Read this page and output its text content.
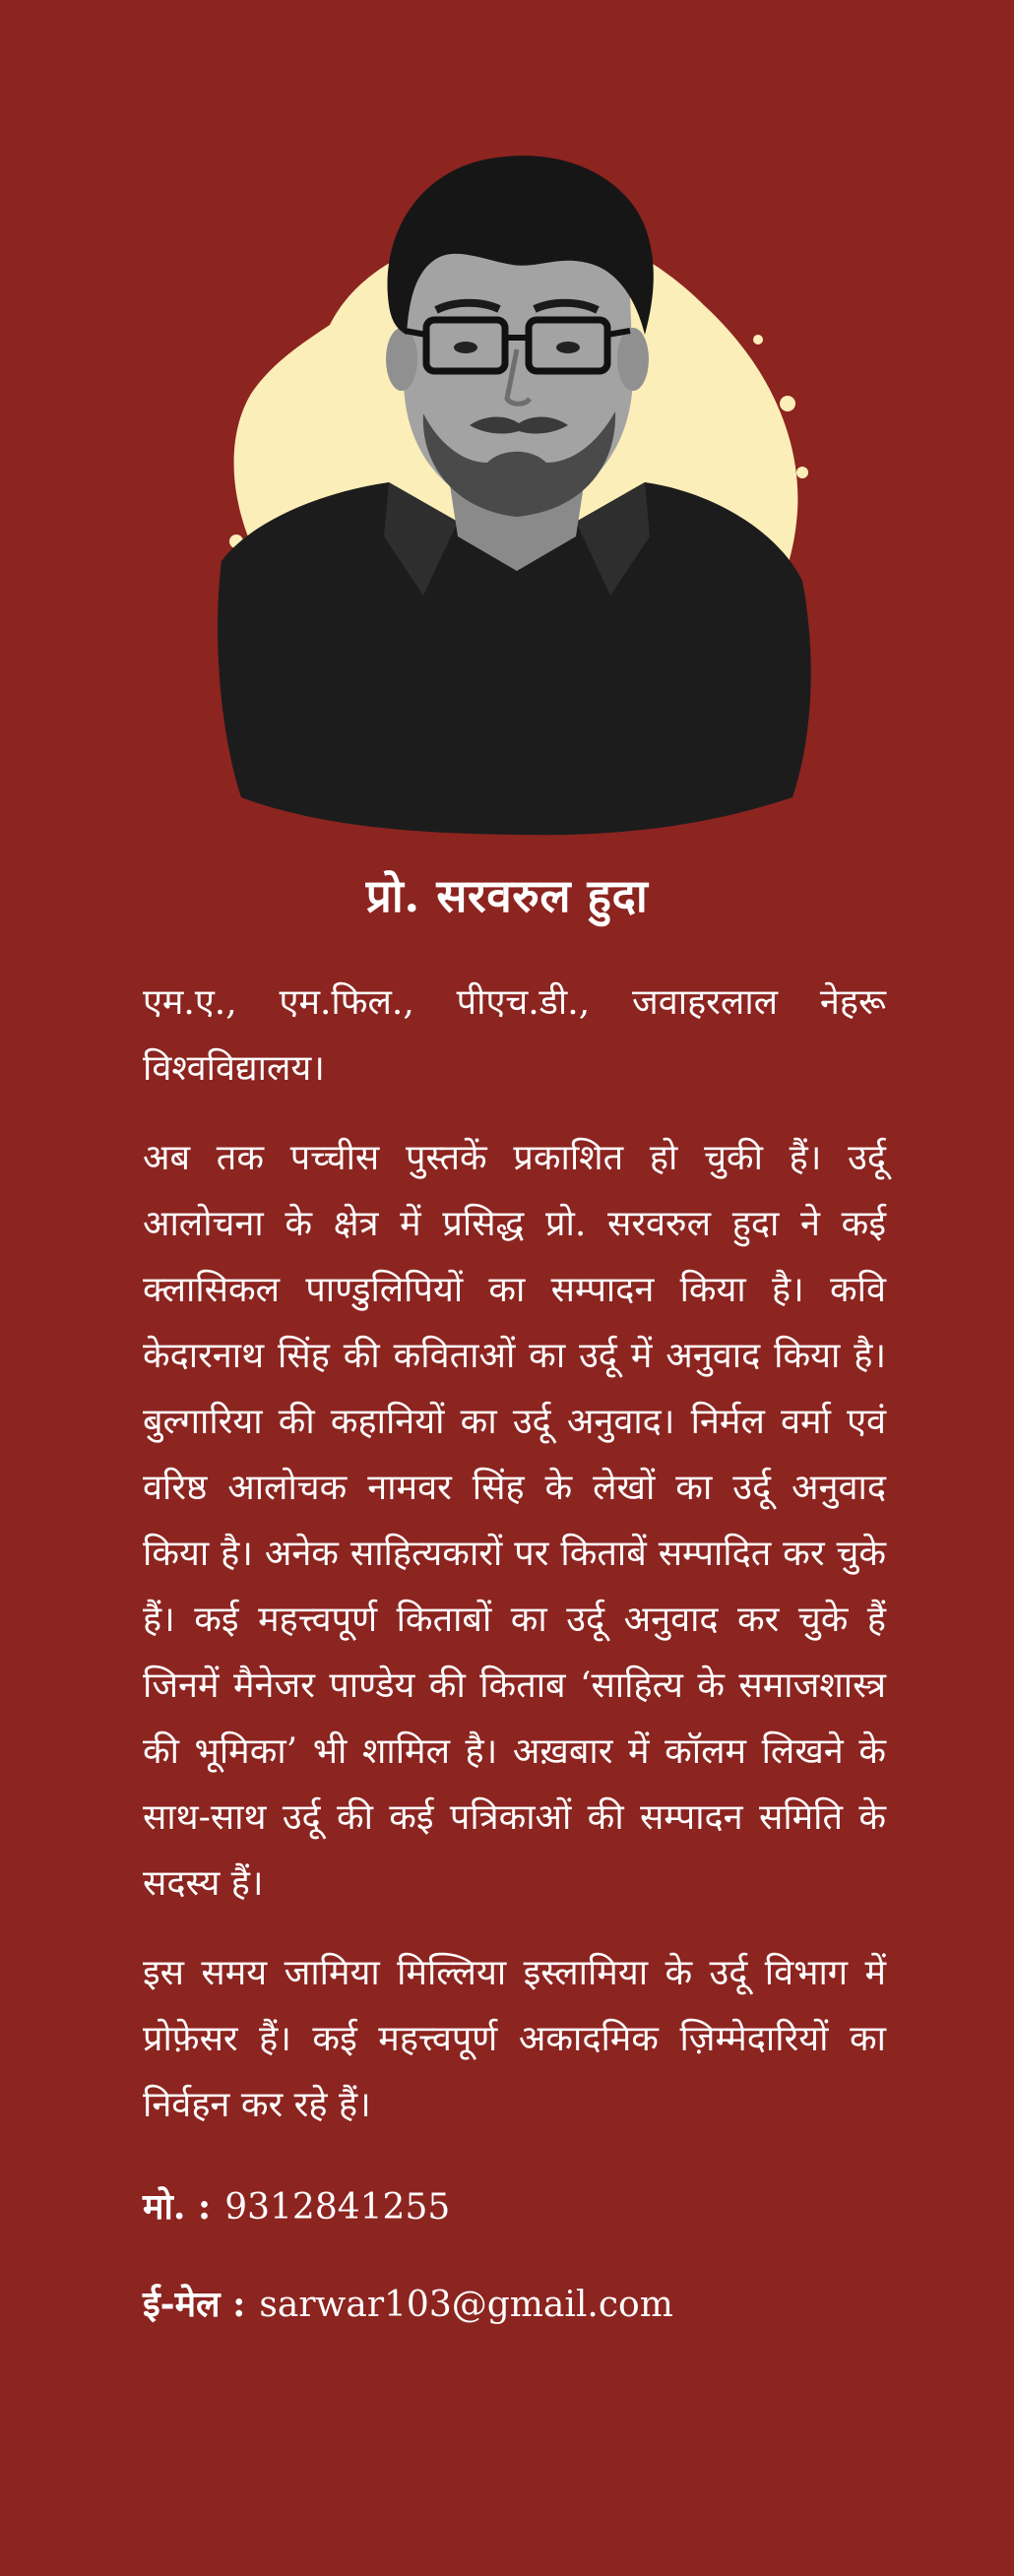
प्रो. सरवरुल हुदा

एम.ए., एम.फिल., पीएच.डी., जवाहरलाल नेहरू विश्वविद्यालय।

अब तक पच्चीस पुस्तकें प्रकाशित हो चुकी हैं। उर्दू आलोचना के क्षेत्र में प्रसिद्ध प्रो. सरवरुल हुदा ने कई क्लासिकल पाण्डुलिपियों का सम्पादन किया है। कवि केदारनाथ सिंह की कविताओं का उर्दू में अनुवाद किया है। बुल्गारिया की कहानियों का उर्दू अनुवाद। निर्मल वर्मा एवं वरिष्ठ आलोचक नामवर सिंह के लेखों का उर्दू अनुवाद किया है। अनेक साहित्यकारों पर किताबें सम्पादित कर चुके हैं। कई महत्त्वपूर्ण किताबों का उर्दू अनुवाद कर चुके हैं जिनमें मैनेजर पाण्डेय की किताब ‘साहित्य के समाजशास्त्र की भूमिका’ भी शामिल है। अख़बार में कॉलम लिखने के साथ-साथ उर्दू की कई पत्रिकाओं की सम्पादन समिति के सदस्य हैं।

इस समय जामिया मिल्लिया इस्लामिया के उर्दू विभाग में प्रोफ़ेसर हैं। कई महत्त्वपूर्ण अकादमिक ज़िम्मेदारियों का निर्वहन कर रहे हैं।

मो. : 9312841255

ई-मेल : sarwar103@gmail.com
